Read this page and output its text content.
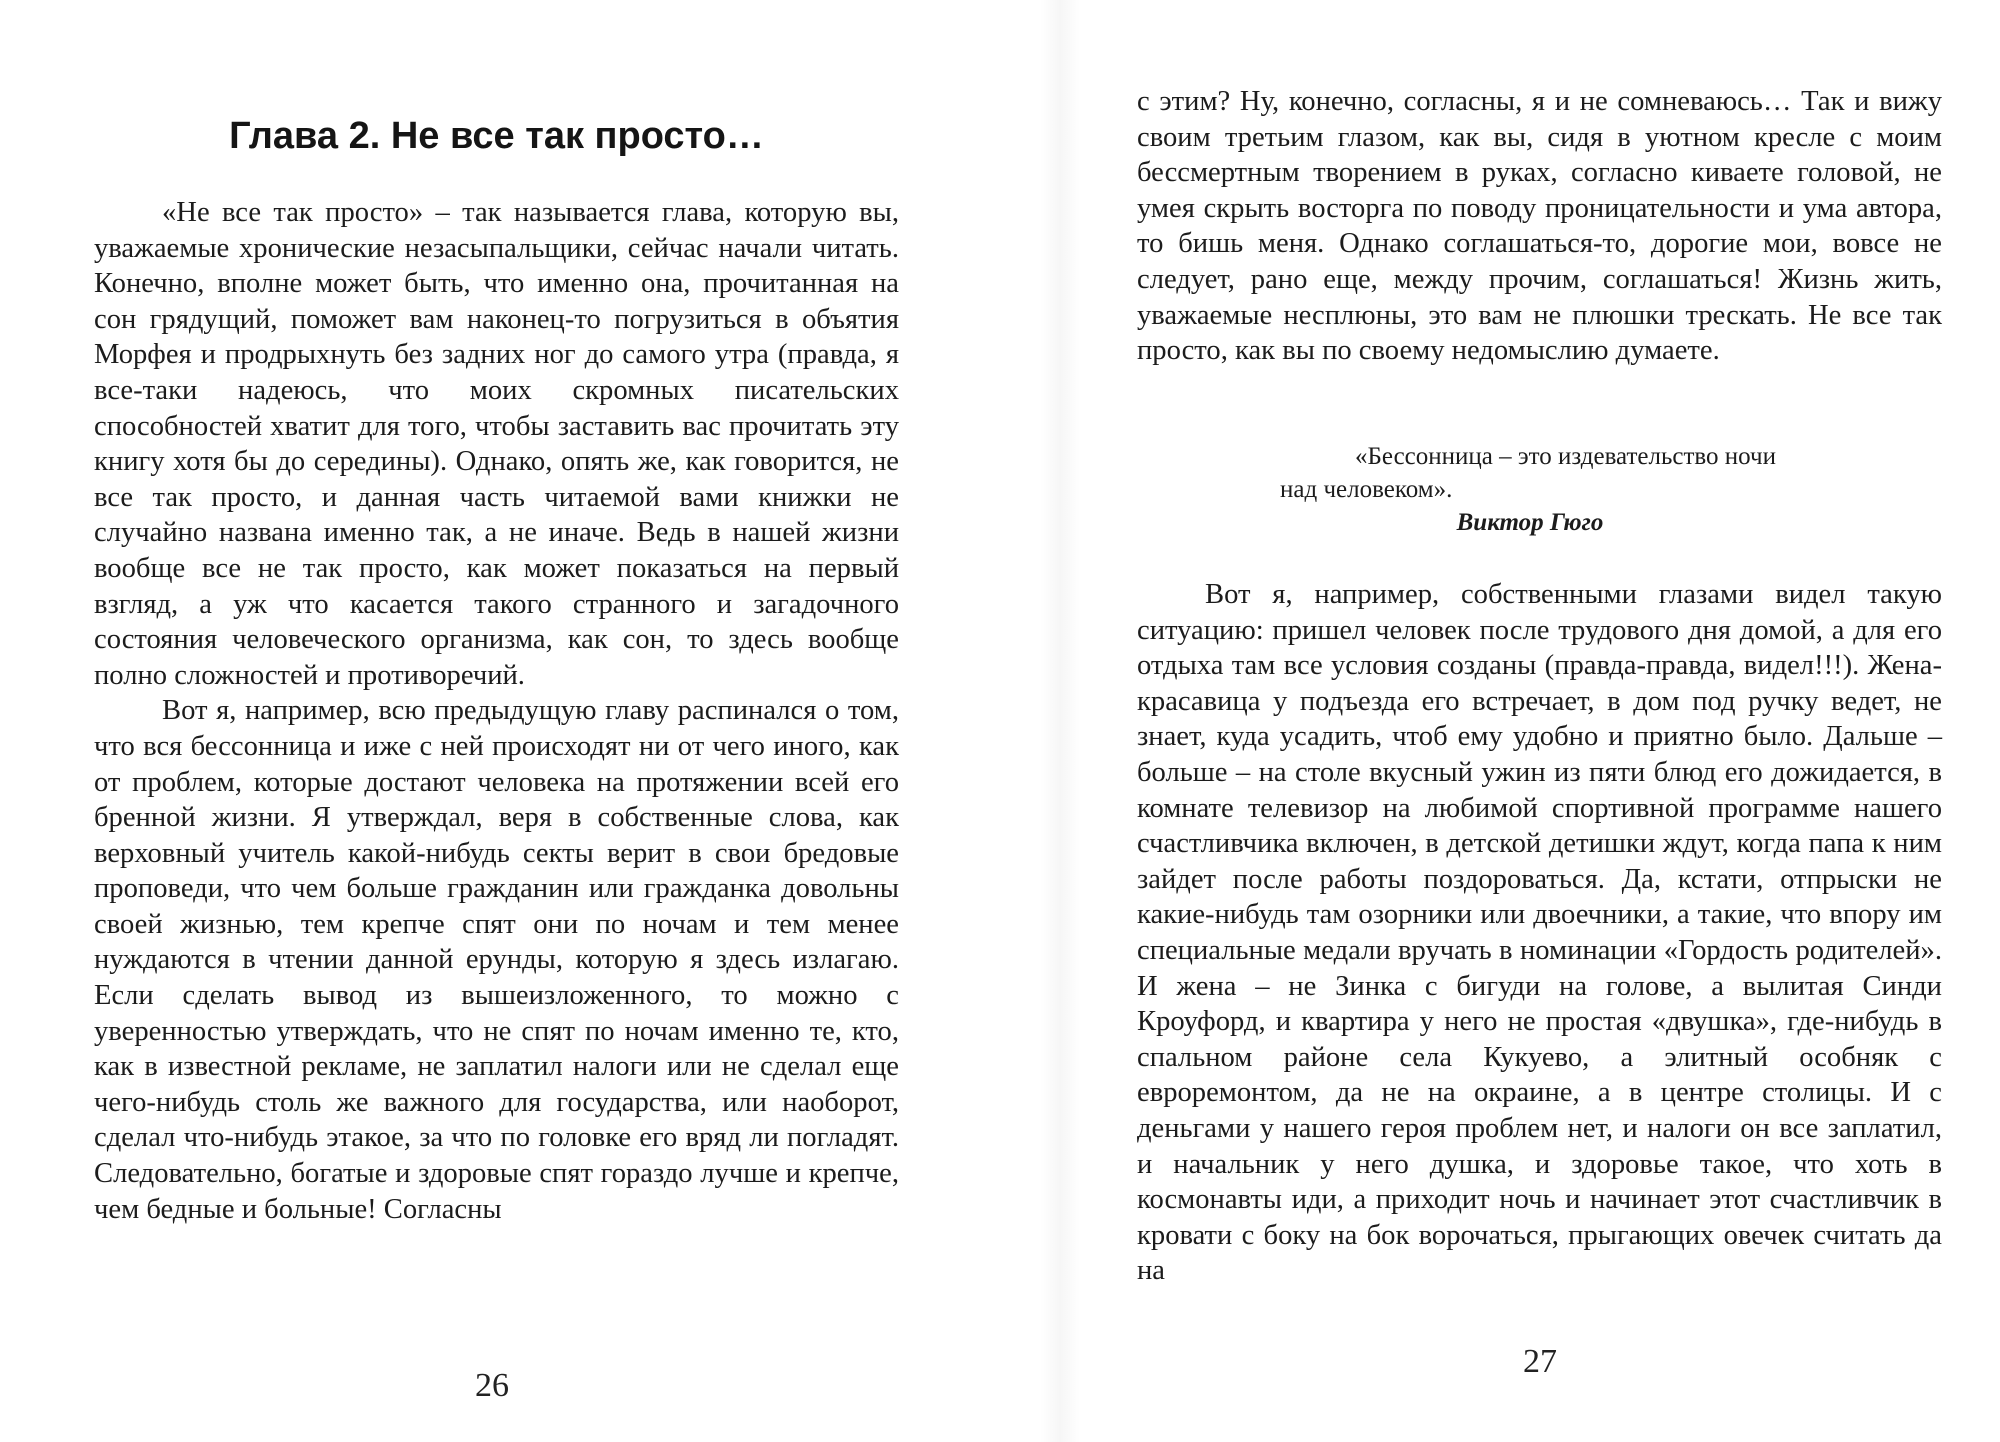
Глава 2. Не все так просто…

«Не все так просто» – так называется глава, которую вы, уважаемые хронические незасыпальщики, сейчас начали читать. Конечно, вполне может быть, что именно она, прочитанная на сон грядущий, поможет вам наконец-то погрузиться в объятия Морфея и продрыхнуть без задних ног до самого утра (правда, я все-таки надеюсь, что моих скромных писательских способностей хватит для того, чтобы заставить вас прочитать эту книгу хотя бы до середины). Однако, опять же, как говорится, не все так просто, и данная часть читаемой вами книжки не случайно названа именно так, а не иначе. Ведь в нашей жизни вообще все не так просто, как может показаться на первый взгляд, а уж что касается такого странного и загадочного состояния человеческого организма, как сон, то здесь вообще полно сложностей и противоречий.

Вот я, например, всю предыдущую главу распинался о том, что вся бессонница и иже с ней происходят ни от чего иного, как от проблем, которые достают человека на протяжении всей его бренной жизни. Я утверждал, веря в собственные слова, как верховный учитель какой-нибудь секты верит в свои бредовые проповеди, что чем больше гражданин или гражданка довольны своей жизнью, тем крепче спят они по ночам и тем менее нуждаются в чтении данной ерунды, которую я здесь излагаю. Если сделать вывод из вышеизложенного, то можно с уверенностью утверждать, что не спят по ночам именно те, кто, как в известной рекламе, не заплатил налоги или не сделал еще чего-нибудь столь же важного для государства, или наоборот, сделал что-нибудь этакое, за что по головке его вряд ли погладят. Следовательно, богатые и здоровые спят гораздо лучше и крепче, чем бедные и больные! Согласны

26

с этим? Ну, конечно, согласны, я и не сомневаюсь… Так и вижу своим третьим глазом, как вы, сидя в уютном кресле с моим бессмертным творением в руках, согласно киваете головой, не умея скрыть восторга по поводу проницательности и ума автора, то бишь меня. Однако соглашаться-то, дорогие мои, вовсе не следует, рано еще, между прочим, соглашаться! Жизнь жить, уважаемые несплюны, это вам не плюшки трескать. Не все так просто, как вы по своему недомыслию думаете.

«Бессонница – это издевательство ночи
над человеком».
Виктор Гюго

Вот я, например, собственными глазами видел такую ситуацию: пришел человек после трудового дня домой, а для его отдыха там все условия созданы (правда-правда, видел!!!). Жена-красавица у подъезда его встречает, в дом под ручку ведет, не знает, куда усадить, чтоб ему удобно и приятно было. Дальше – больше – на столе вкусный ужин из пяти блюд его дожидается, в комнате телевизор на любимой спортивной программе нашего счастливчика включен, в детской детишки ждут, когда папа к ним зайдет после работы поздороваться. Да, кстати, отпрыски не какие-нибудь там озорники или двоечники, а такие, что впору им специальные медали вручать в номинации «Гордость родителей». И жена – не Зинка с бигуди на голове, а вылитая Синди Кроуфорд, и квартира у него не простая «двушка», где-нибудь в спальном районе села Кукуево, а элитный особняк с евроремонтом, да не на окраине, а в центре столицы. И с деньгами у нашего героя проблем нет, и налоги он все заплатил, и начальник у него душка, и здоровье такое, что хоть в космонавты иди, а приходит ночь и начинает этот счастливчик в кровати с боку на бок ворочаться, прыгающих овечек считать да на

27
